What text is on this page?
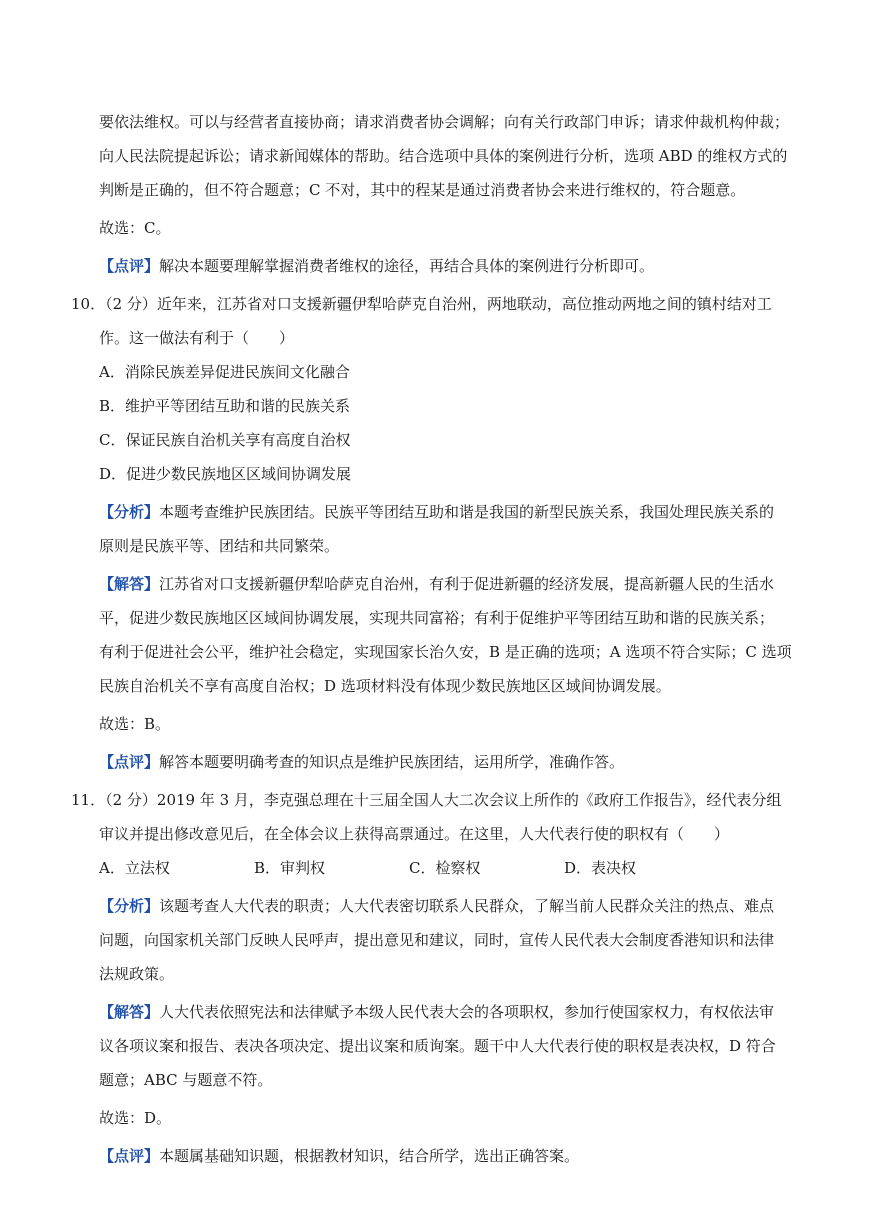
要依法维权。可以与经营者直接协商；请求消费者协会调解；向有关行政部门申诉；请求仲裁机构仲裁；

向人民法院提起诉讼；请求新闻媒体的帮助。结合选项中具体的案例进行分析，选项 ABD 的维权方式的

判断是正确的，但不符合题意；C 不对，其中的程某是通过消费者协会来进行维权的，符合题意。

故选：C。

【点评】解决本题要理解掌握消费者维权的途径，再结合具体的案例进行分析即可。

10．（2 分）近年来，江苏省对口支援新疆伊犁哈萨克自治州，两地联动，高位推动两地之间的镇村结对工

作。这一做法有利于（　　）

A．消除民族差异促进民族间文化融合

B．维护平等团结互助和谐的民族关系

C．保证民族自治机关享有高度自治权

D．促进少数民族地区区域间协调发展

【分析】本题考查维护民族团结。民族平等团结互助和谐是我国的新型民族关系，我国处理民族关系的

原则是民族平等、团结和共同繁荣。

【解答】江苏省对口支援新疆伊犁哈萨克自治州，有利于促进新疆的经济发展，提高新疆人民的生活水

平，促进少数民族地区区域间协调发展，实现共同富裕；有利于促维护平等团结互助和谐的民族关系；

有利于促进社会公平，维护社会稳定，实现国家长治久安，B 是正确的选项；A 选项不符合实际；C 选项

民族自治机关不享有高度自治权；D 选项材料没有体现少数民族地区区域间协调发展。

故选：B。

【点评】解答本题要明确考查的知识点是维护民族团结，运用所学，准确作答。

11．（2 分）2019 年 3 月，李克强总理在十三届全国人大二次会议上所作的《政府工作报告》，经代表分组

审议并提出修改意见后，在全体会议上获得高票通过。在这里，人大代表行使的职权有（　　）

A．立法权	B．审判权	C．检察权	D．表决权

【分析】该题考查人大代表的职责；人大代表密切联系人民群众，了解当前人民群众关注的热点、难点

问题，向国家机关部门反映人民呼声，提出意见和建议，同时，宣传人民代表大会制度香港知识和法律

法规政策。

【解答】人大代表依照宪法和法律赋予本级人民代表大会的各项职权，参加行使国家权力，有权依法审

议各项议案和报告、表决各项决定、提出议案和质询案。题干中人大代表行使的职权是表决权，D 符合

题意；ABC 与题意不符。

故选：D。

【点评】本题属基础知识题，根据教材知识，结合所学，选出正确答案。
